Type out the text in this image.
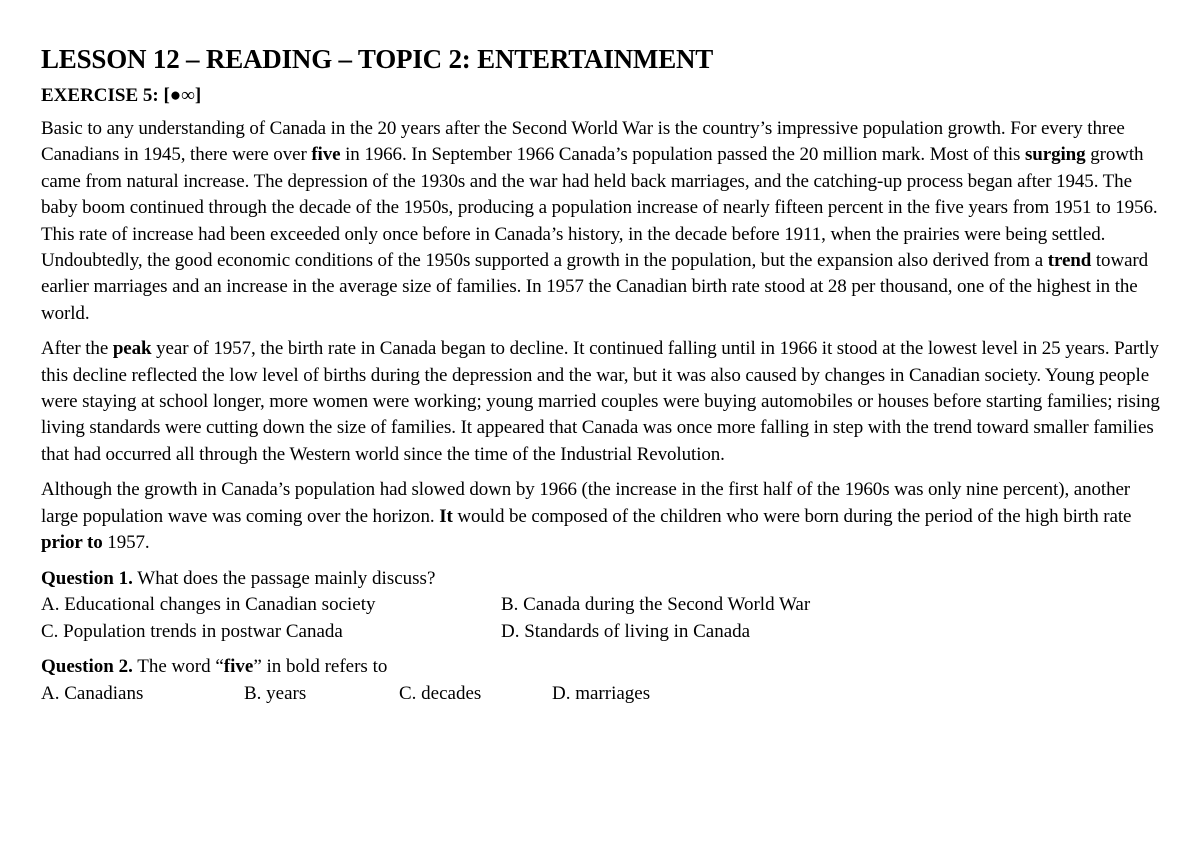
LESSON 12 – READING – TOPIC 2: ENTERTAINMENT
EXERCISE 5: [●∞]

Basic to any understanding of Canada in the 20 years after the Second World War is the country’s impressive population growth. For every three Canadians in 1945, there were over five in 1966. In September 1966 Canada’s population passed the 20 million mark. Most of this surging growth came from natural increase. The depression of the 1930s and the war had held back marriages, and the catching-up process began after 1945. The baby boom continued through the decade of the 1950s, producing a population increase of nearly fifteen percent in the five years from 1951 to 1956. This rate of increase had been exceeded only once before in Canada’s history, in the decade before 1911, when the prairies were being settled. Undoubtedly, the good economic conditions of the 1950s supported a growth in the population, but the expansion also derived from a trend toward earlier marriages and an increase in the average size of families. In 1957 the Canadian birth rate stood at 28 per thousand, one of the highest in the world.

After the peak year of 1957, the birth rate in Canada began to decline. It continued falling until in 1966 it stood at the lowest level in 25 years. Partly this decline reflected the low level of births during the depression and the war, but it was also caused by changes in Canadian society. Young people were staying at school longer, more women were working; young married couples were buying automobiles or houses before starting families; rising living standards were cutting down the size of families. It appeared that Canada was once more falling in step with the trend toward smaller families that had occurred all through the Western world since the time of the Industrial Revolution.

Although the growth in Canada’s population had slowed down by 1966 (the increase in the first half of the 1960s was only nine percent), another large population wave was coming over the horizon. It would be composed of the children who were born during the period of the high birth rate prior to 1957.

Question 1. What does the passage mainly discuss?

A. Educational changes in Canadian society	B. Canada during the Second World War
C. Population trends in postwar Canada	D. Standards of living in Canada

Question 2. The word “five” in bold refers to

A. Canadians	B. years	C. decades	D. marriages
